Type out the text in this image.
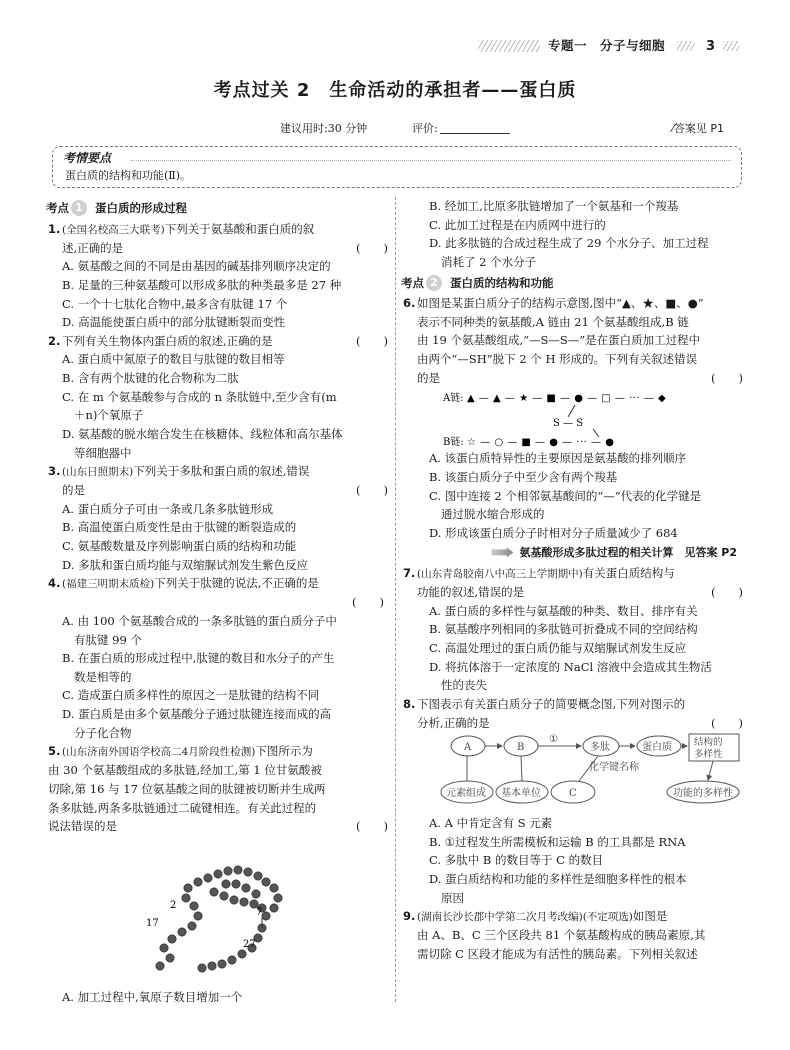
专题一　分子与细胞	3
考点过关 2　生命活动的承担者——蛋白质
建议用时:30 分钟	评价:	⁄答案见 P1
考情要点
蛋白质的结构和功能(Ⅱ)。
考点 1	蛋白质的形成过程
1. (全国名校高三大联考)下列关于氨基酸和蛋白质的叙
述,正确的是	(　　)
A. 氨基酸之间的不同是由基因的碱基排列顺序决定的
B. 足量的三种氨基酸可以形成多肽的种类最多是 27 种
C. 一个十七肽化合物中,最多含有肽键 17 个
D. 高温能使蛋白质中的部分肽键断裂而变性
2. 下列有关生物体内蛋白质的叙述,正确的是	(　　)
A. 蛋白质中氮原子的数目与肽键的数目相等
B. 含有两个肽键的化合物称为二肽
C. 在 m 个氨基酸参与合成的 n 条肽链中,至少含有(m
＋n)个氧原子
D. 氨基酸的脱水缩合发生在核糖体、线粒体和高尔基体
等细胞器中
3. (山东日照期末)下列关于多肽和蛋白质的叙述,错误
的是	(　　)
A. 蛋白质分子可由一条或几条多肽链形成
B. 高温使蛋白质变性是由于肽键的断裂造成的
C. 氨基酸数量及序列影响蛋白质的结构和功能
D. 多肽和蛋白质均能与双缩脲试剂发生紫色反应
4. (福建三明期末质检)下列关于肽键的说法,不正确的是
(　　)
A. 由 100 个氨基酸合成的一条多肽链的蛋白质分子中
有肽键 99 个
B. 在蛋白质的形成过程中,肽键的数目和水分子的产生
数是相等的
C. 造成蛋白质多样性的原因之一是肽键的结构不同
D. 蛋白质是由多个氨基酸分子通过肽键连接而成的高
分子化合物
5. (山东济南外国语学校高二4月阶段性检测)下图所示为
由 30 个氨基酸组成的多肽链,经加工,第 1 位甘氨酸被
切除,第 16 与 17 位氨基酸之间的肽键被切断并生成两
条多肽链,两条多肽链通过二硫键相连。有关此过程的
说法错误的是	(　　)
2
7
17
27
A. 加工过程中,氧原子数目增加一个
B. 经加工,比原多肽链增加了一个氨基和一个羧基
C. 此加工过程是在内质网中进行的
D. 此多肽链的合成过程生成了 29 个水分子、加工过程
消耗了 2 个水分子
考点 2	蛋白质的结构和功能
6. 如图是某蛋白质分子的结构示意图,图中“▲、★、■、●”
表示不同种类的氨基酸,A 链由 21 个氨基酸组成,B 链
由 19 个氨基酸组成,“—S—S—”是在蛋白质加工过程中
由两个“—SH”脱下 2 个 H 形成的。下列有关叙述错误
的是	(　　)
A链: ▲ — ▲ — ★ — ■ — ● — □ — ··· — ◆
S — S
B链: ☆ — ○ — ■ — ● — ··· — ●
A. 该蛋白质特异性的主要原因是氨基酸的排列顺序
B. 该蛋白质分子中至少含有两个羧基
C. 图中连接 2 个相邻氨基酸间的“—”代表的化学键是
通过脱水缩合形成的
D. 形成该蛋白质分子时相对分子质量减少了 684
氨基酸形成多肽过程的相关计算　见答案 P2
7. (山东青岛胶南八中高三上学期期中)有关蛋白质结构与
功能的叙述,错误的是	(　　)
A. 蛋白质的多样性与氨基酸的种类、数目、排序有关
B. 氨基酸序列相同的多肽链可折叠成不同的空间结构
C. 高温处理过的蛋白质仍能与双缩脲试剂发生反应
D. 将抗体溶于一定浓度的 NaCl 溶液中会造成其生物活
性的丧失
8. 下图表示有关蛋白质分子的简要概念图,下列对图示的
分析,正确的是	(　　)
A	B
①
多肽	蛋白质 结构的
多样性
元素组成 基本单位	C
化学键名称
功能的多样性
A. A 中肯定含有 S 元素
B. ①过程发生所需模板和运输 B 的工具都是 RNA
C. 多肽中 B 的数目等于 C 的数目
D. 蛋白质结构和功能的多样性是细胞多样性的根本
原因
9. (湖南长沙长郡中学第二次月考改编)(不定项选)如图是
由 A、B、C 三个区段共 81 个氨基酸构成的胰岛素原,其
需切除 C 区段才能成为有活性的胰岛素。下列相关叙述
